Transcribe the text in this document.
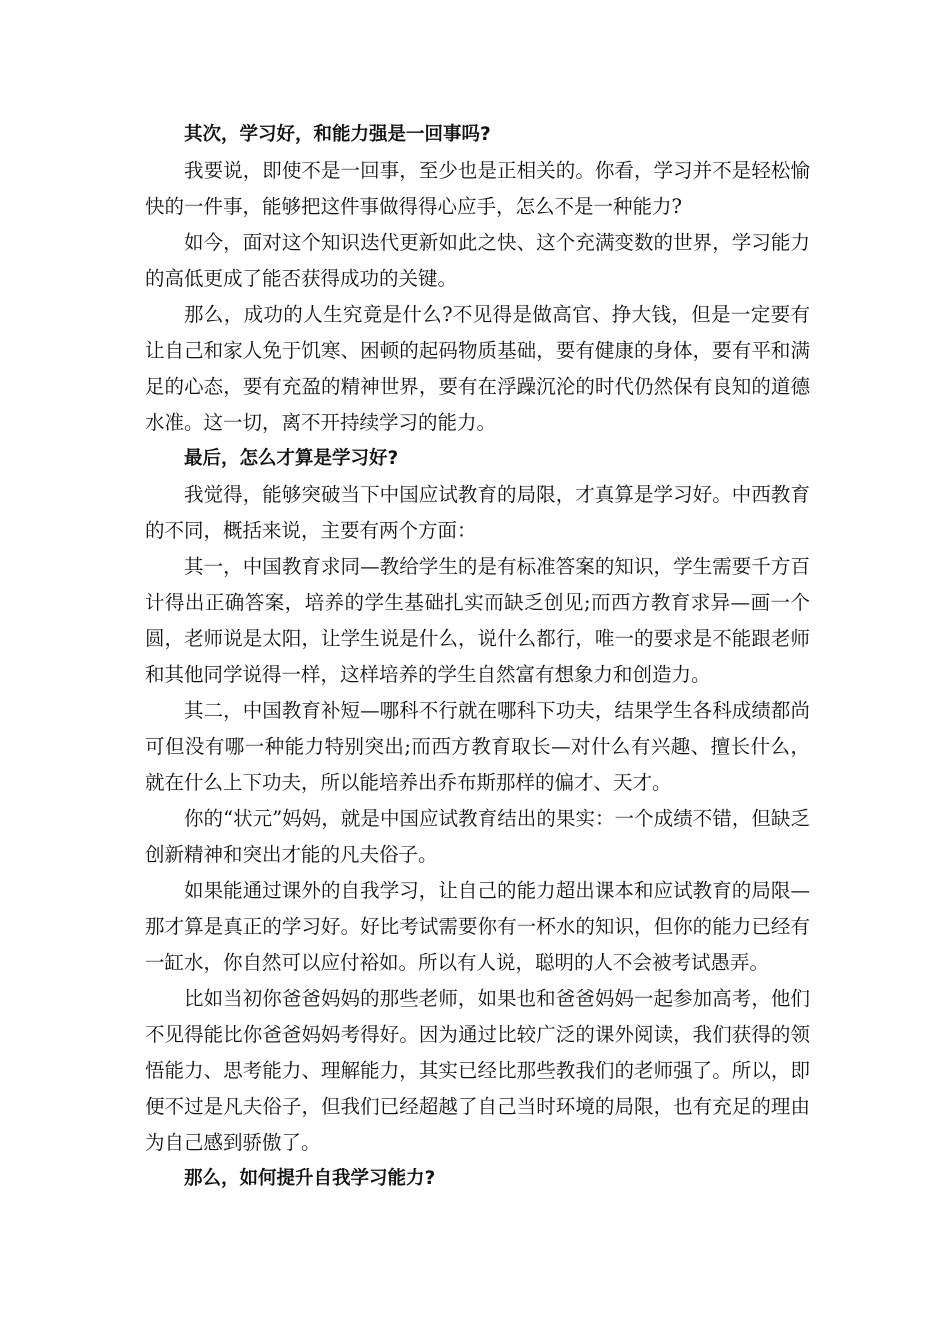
其次，学习好，和能力强是一回事吗?

我要说，即使不是一回事，至少也是正相关的。你看，学习并不是轻松愉快的一件事，能够把这件事做得得心应手，怎么不是一种能力?

如今，面对这个知识迭代更新如此之快、这个充满变数的世界，学习能力的高低更成了能否获得成功的关键。

那么，成功的人生究竟是什么?不见得是做高官、挣大钱，但是一定要有让自己和家人免于饥寒、困顿的起码物质基础，要有健康的身体，要有平和满足的心态，要有充盈的精神世界，要有在浮躁沉沦的时代仍然保有良知的道德水准。这一切，离不开持续学习的能力。

最后，怎么才算是学习好?

我觉得，能够突破当下中国应试教育的局限，才真算是学习好。中西教育的不同，概括来说，主要有两个方面：

其一，中国教育求同—教给学生的是有标准答案的知识，学生需要千方百计得出正确答案，培养的学生基础扎实而缺乏创见;而西方教育求异—画一个圆，老师说是太阳，让学生说是什么，说什么都行，唯一的要求是不能跟老师和其他同学说得一样，这样培养的学生自然富有想象力和创造力。

其二，中国教育补短—哪科不行就在哪科下功夫，结果学生各科成绩都尚可但没有哪一种能力特别突出;而西方教育取长—对什么有兴趣、擅长什么，就在什么上下功夫，所以能培养出乔布斯那样的偏才、天才。

你的“状元”妈妈，就是中国应试教育结出的果实：一个成绩不错，但缺乏创新精神和突出才能的凡夫俗子。

如果能通过课外的自我学习，让自己的能力超出课本和应试教育的局限—那才算是真正的学习好。好比考试需要你有一杯水的知识，但你的能力已经有一缸水，你自然可以应付裕如。所以有人说，聪明的人不会被考试愚弄。

比如当初你爸爸妈妈的那些老师，如果也和爸爸妈妈一起参加高考，他们不见得能比你爸爸妈妈考得好。因为通过比较广泛的课外阅读，我们获得的领悟能力、思考能力、理解能力，其实已经比那些教我们的老师强了。所以，即便不过是凡夫俗子，但我们已经超越了自己当时环境的局限，也有充足的理由为自己感到骄傲了。

那么，如何提升自我学习能力?
